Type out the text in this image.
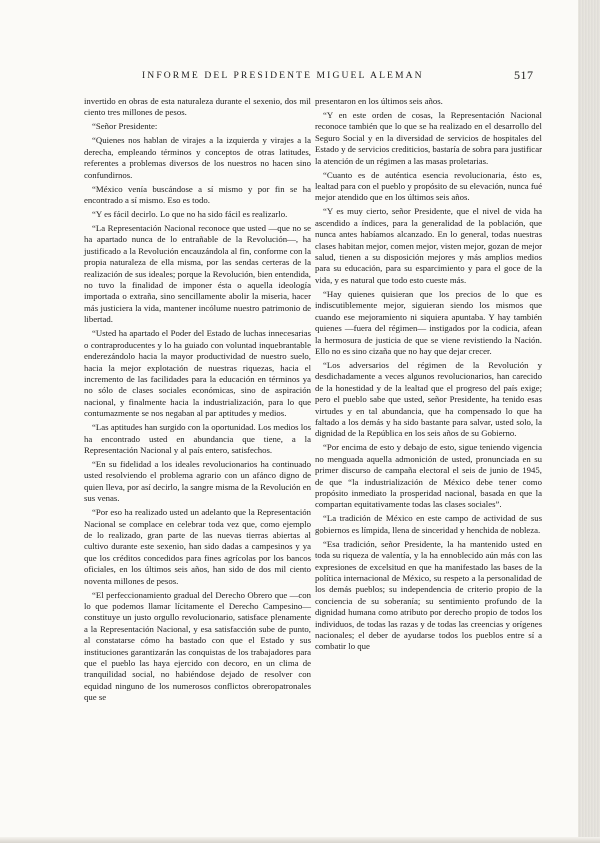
INFORME DEL PRESIDENTE MIGUEL ALEMAN	517

invertido en obras de esta naturaleza durante el sexenio, dos mil ciento tres millones de pesos.

“Señor Presidente:

“Quienes nos hablan de virajes a la izquierda y virajes a la derecha, empleando términos y conceptos de otras latitudes, referentes a problemas diversos de los nuestros no hacen sino confundirnos.

“México venía buscándose a sí mismo y por fin se ha encontrado a sí mismo. Eso es todo.

“Y es fácil decirlo. Lo que no ha sido fácil es realizarlo.

“La Representación Nacional reconoce que usted —que no se ha apartado nunca de lo entrañable de la Revolución—, ha justificado a la Revolución encauzándola al fin, conforme con la propia naturaleza de ella misma, por las sendas certeras de la realización de sus ideales; porque la Revolución, bien entendida, no tuvo la finalidad de imponer ésta o aquella ideología importada o extraña, sino sencillamente abolir la miseria, hacer más justiciera la vida, mantener incólume nuestro patrimonio de libertad.

“Usted ha apartado el Poder del Estado de luchas innecesarias o contraproducentes y lo ha guiado con voluntad inquebrantable enderezándolo hacia la mayor productividad de nuestro suelo, hacia la mejor explotación de nuestras riquezas, hacia el incremento de las facilidades para la educación en términos ya no sólo de clases sociales económicas, sino de aspiración nacional, y finalmente hacia la industrialización, para lo que contumazmente se nos negaban al par aptitudes y medios.

“Las aptitudes han surgido con la oportunidad. Los medios los ha encontrado usted en abundancia que tiene, a la Representación Nacional y al país entero, satisfechos.

“En su fidelidad a los ideales revolucionarios ha continuado usted resolviendo el problema agrario con un afánco digno de quien lleva, por así decirlo, la sangre misma de la Revolución en sus venas.

“Por eso ha realizado usted un adelanto que la Representación Nacional se complace en celebrar toda vez que, como ejemplo de lo realizado, gran parte de las nuevas tierras abiertas al cultivo durante este sexenio, han sido dadas a campesinos y ya que los créditos concedidos para fines agrícolas por los bancos oficiales, en los últimos seis años, han sido de dos mil ciento noventa millones de pesos.

“El perfeccionamiento gradual del Derecho Obrero que —con lo que podemos llamar lícitamente el Derecho Campesino— constituye un justo orgullo revolucionario, satisface plenamente a la Representación Nacional, y esa satisfacción sube de punto, al constatarse cómo ha bastado con que el Estado y sus instituciones garantizarán las conquistas de los trabajadores para que el pueblo las haya ejercido con decoro, en un clima de tranquilidad social, no habiéndose dejado de resolver con equidad ninguno de los numerosos conflictos obreropatronales que se

presentaron en los últimos seis años.

“Y en este orden de cosas, la Representación Nacional reconoce también que lo que se ha realizado en el desarrollo del Seguro Social y en la diversidad de servicios de hospitales del Estado y de servicios crediticios, bastaría de sobra para justificar la atención de un régimen a las masas proletarias.

“Cuanto es de auténtica esencia revolucionaria, ésto es, lealtad para con el pueblo y propósito de su elevación, nunca fué mejor atendido que en los últimos seis años.

“Y es muy cierto, señor Presidente, que el nivel de vida ha ascendido a índices, para la generalidad de la población, que nunca antes habíamos alcanzado. En lo general, todas nuestras clases habitan mejor, comen mejor, visten mejor, gozan de mejor salud, tienen a su disposición mejores y más amplios medios para su educación, para su esparcimiento y para el goce de la vida, y es natural que todo esto cueste más.

“Hay quienes quisieran que los precios de lo que es indiscutiblemente mejor, siguieran siendo los mismos que cuando ese mejoramiento ni siquiera apuntaba. Y hay también quienes —fuera del régimen— instigados por la codicia, afean la hermosura de justicia de que se viene revistiendo la Nación. Ello no es sino cizaña que no hay que dejar crecer.

“Los adversarios del régimen de la Revolución y desdichadamente a veces algunos revolucionarios, han carecido de la honestidad y de la lealtad que el progreso del país exige; pero el pueblo sabe que usted, señor Presidente, ha tenido esas virtudes y en tal abundancia, que ha compensado lo que ha faltado a los demás y ha sido bastante para salvar, usted solo, la dignidad de la República en los seis años de su Gobierno.

“Por encima de esto y debajo de esto, sigue teniendo vigencia no menguada aquella admonición de usted, pronunciada en su primer discurso de campaña electoral el seis de junio de 1945, de que “la industrialización de México debe tener como propósito inmediato la prosperidad nacional, basada en que la compartan equitativamente todas las clases sociales”.

“La tradición de México en este campo de actividad de sus gobiernos es límpida, llena de sinceridad y henchida de nobleza.

“Esa tradición, señor Presidente, la ha mantenido usted en toda su riqueza de valentía, y la ha ennoblecido aún más con las expresiones de excelsitud en que ha manifestado las bases de la política internacional de México, su respeto a la personalidad de los demás pueblos; su independencia de criterio propio de la conciencia de su soberanía; su sentimiento profundo de la dignidad humana como atributo por derecho propio de todos los individuos, de todas las razas y de todas las creencias y orígenes nacionales; el deber de ayudarse todos los pueblos entre sí a combatir lo que
